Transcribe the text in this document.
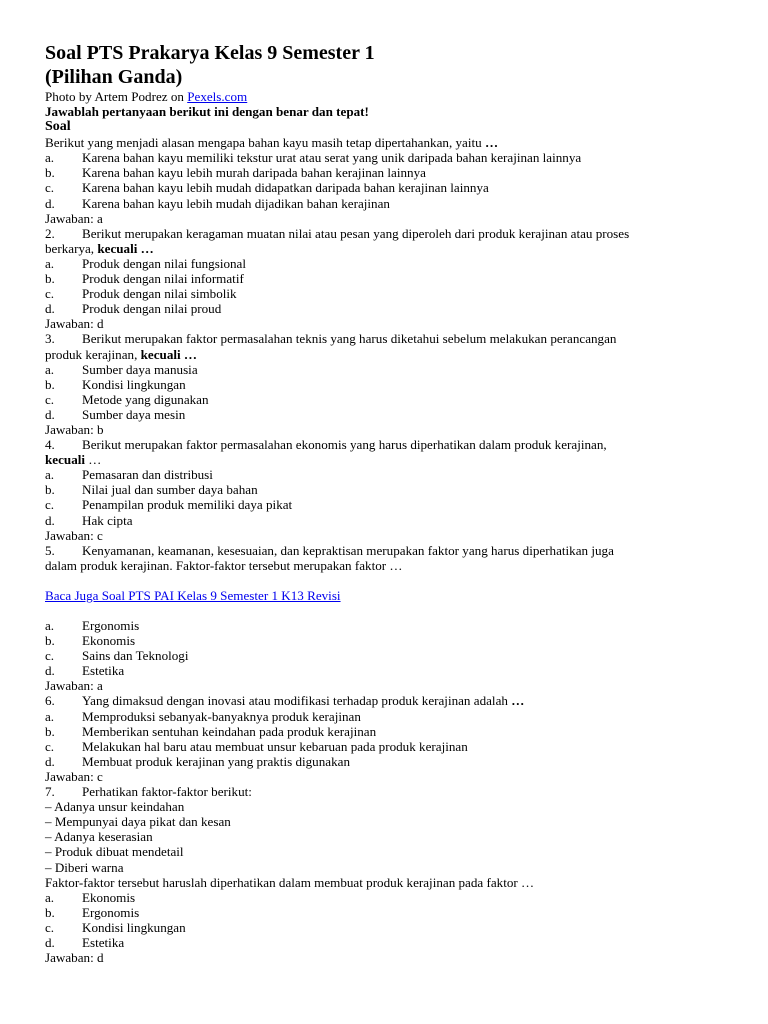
Soal PTS Prakarya Kelas 9 Semester 1
(Pilihan Ganda)
Photo by Artem Podrez on Pexels.com
Jawablah pertanyaan berikut ini dengan benar dan tepat!
Soal
Berikut yang menjadi alasan mengapa bahan kayu masih tetap dipertahankan, yaitu …
a. Karena bahan kayu memiliki tekstur urat atau serat yang unik daripada bahan kerajinan lainnya
b. Karena bahan kayu lebih murah daripada bahan kerajinan lainnya
c. Karena bahan kayu lebih mudah didapatkan daripada bahan kerajinan lainnya
d. Karena bahan kayu lebih mudah dijadikan bahan kerajinan
Jawaban: a
2. Berikut merupakan keragaman muatan nilai atau pesan yang diperoleh dari produk kerajinan atau proses
berkarya, kecuali …
a. Produk dengan nilai fungsional
b. Produk dengan nilai informatif
c. Produk dengan nilai simbolik
d. Produk dengan nilai proud
Jawaban: d
3. Berikut merupakan faktor permasalahan teknis yang harus diketahui sebelum melakukan perancangan
produk kerajinan, kecuali …
a. Sumber daya manusia
b. Kondisi lingkungan
c. Metode yang digunakan
d. Sumber daya mesin
Jawaban: b
4. Berikut merupakan faktor permasalahan ekonomis yang harus diperhatikan dalam produk kerajinan,
kecuali …
a. Pemasaran dan distribusi
b. Nilai jual dan sumber daya bahan
c. Penampilan produk memiliki daya pikat
d. Hak cipta
Jawaban: c
5. Kenyamanan, keamanan, kesesuaian, dan kepraktisan merupakan faktor yang harus diperhatikan juga
dalam produk kerajinan. Faktor-faktor tersebut merupakan faktor …
Baca Juga Soal PTS PAI Kelas 9 Semester 1 K13 Revisi
a. Ergonomis
b. Ekonomis
c. Sains dan Teknologi
d. Estetika
Jawaban: a
6. Yang dimaksud dengan inovasi atau modifikasi terhadap produk kerajinan adalah …
a. Memproduksi sebanyak-banyaknya produk kerajinan
b. Memberikan sentuhan keindahan pada produk kerajinan
c. Melakukan hal baru atau membuat unsur kebaruan pada produk kerajinan
d. Membuat produk kerajinan yang praktis digunakan
Jawaban: c
7. Perhatikan faktor-faktor berikut:
– Adanya unsur keindahan
– Mempunyai daya pikat dan kesan
– Adanya keserasian
– Produk dibuat mendetail
– Diberi warna
Faktor-faktor tersebut haruslah diperhatikan dalam membuat produk kerajinan pada faktor …
a. Ekonomis
b. Ergonomis
c. Kondisi lingkungan
d. Estetika
Jawaban: d
